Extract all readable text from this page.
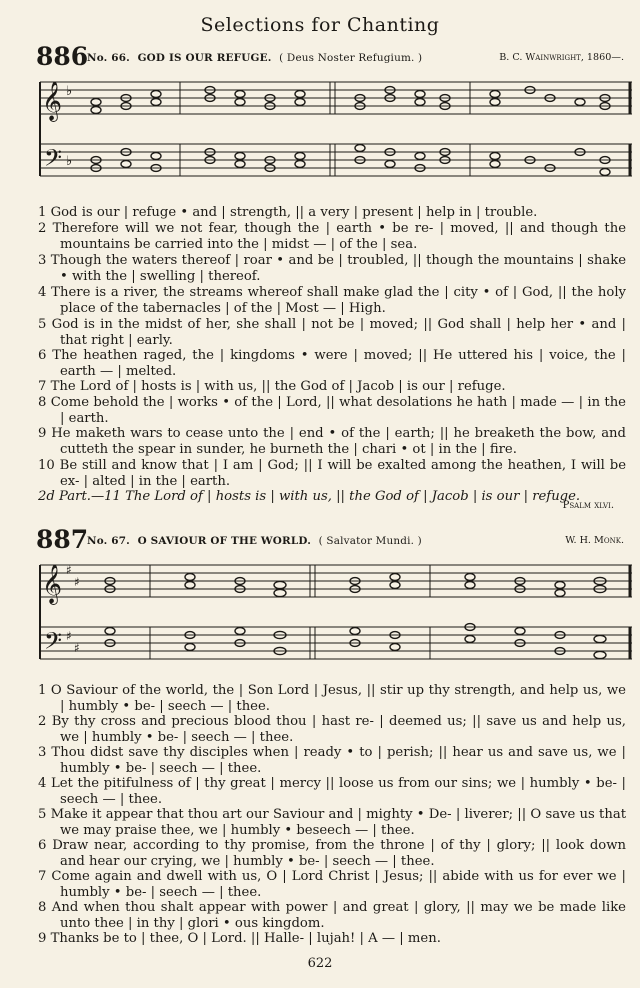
Selections for Chanting
886
No. 66. GOD IS OUR REFUGE. ( Deus Noster Refugium. )	B. C. Wainwright, 1860—.
𝄞
𝄢
♭
♭
1 God is our | refuge • and | strength, || a very | present | help in | trouble.
2 Therefore will we not fear, though the | earth • be re- | moved, || and though the mountains be carried into the | midst — | of the | sea.
3 Though the waters thereof | roar • and be | troubled, || though the mountains | shake • with the | swelling | thereof.
4 There is a river, the streams whereof shall make glad the | city • of | God, || the holy place of the tabernacles | of the | Most — | High.
5 God is in the midst of her, she shall | not be | moved; || God shall | help her • and | that right | early.
6 The heathen raged, the | kingdoms • were | moved; || He uttered his | voice, the | earth — | melted.
7 The Lord of | hosts is | with us, || the God of | Jacob | is our | refuge.
8 Come behold the | works • of the | Lord, || what desolations he hath | made — | in the | earth.
9 He maketh wars to cease unto the | end • of the | earth; || he breaketh the bow, and cutteth the spear in sunder, he burneth the | chari • ot | in the | fire.
10 Be still and know that | I am | God; || I will be exalted among the heathen, I will be ex- | alted | in the | earth.
2d Part.—11 The Lord of | hosts is | with us, || the God of | Jacob | is our | refuge.
Psalm xlvi.
887
No. 67. O SAVIOUR OF THE WORLD. ( Salvator Mundi. )	W. H. Monk.
𝄞
𝄢
♯
♯
♯
♯
1 O Saviour of the world, the | Son Lord | Jesus, || stir up thy strength, and help us, we | humbly • be- | seech — | thee.
2 By thy cross and precious blood thou | hast re- | deemed us; || save us and help us, we | humbly • be- | seech — | thee.
3 Thou didst save thy disciples when | ready • to | perish; || hear us and save us, we | humbly • be- | seech — | thee.
4 Let the pitifulness of | thy great | mercy || loose us from our sins; we | humbly • be- | seech — | thee.
5 Make it appear that thou art our Saviour and | mighty • De- | liverer; || O save us that we may praise thee, we | humbly • beseech — | thee.
6 Draw near, according to thy promise, from the throne | of thy | glory; || look down and hear our crying, we | humbly • be- | seech — | thee.
7 Come again and dwell with us, O | Lord Christ | Jesus; || abide with us for ever we | humbly • be- | seech — | thee.
8 And when thou shalt appear with power | and great | glory, || may we be made like unto thee | in thy | glori • ous kingdom.
9 Thanks be to | thee, O | Lord. || Halle- | lujah! | A — | men.
622
